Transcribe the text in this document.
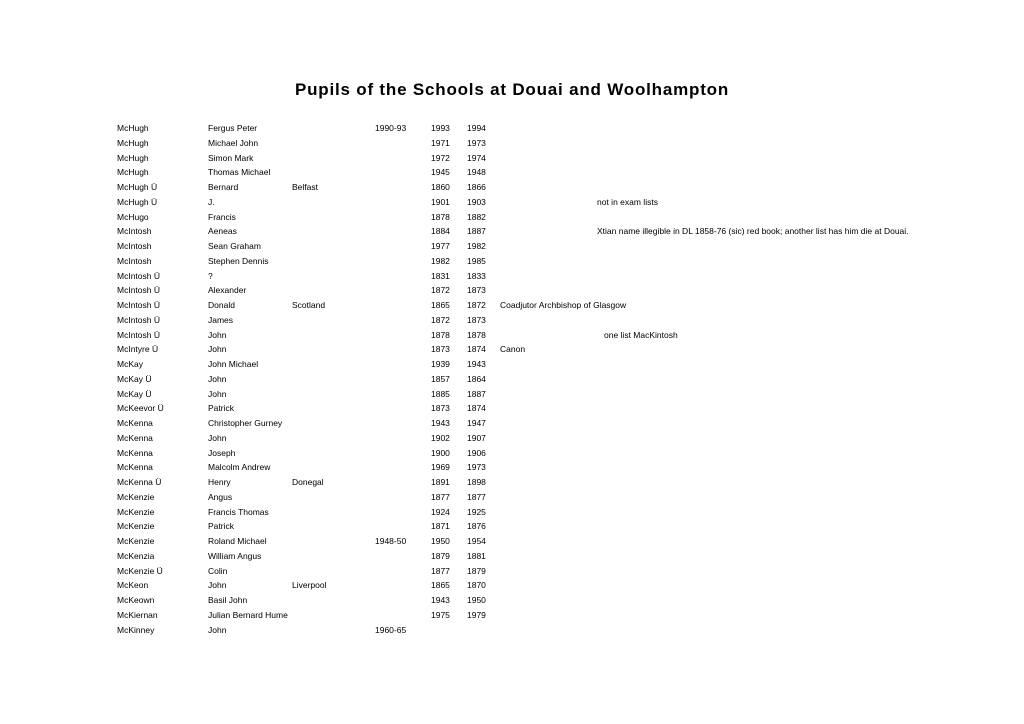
Pupils of the Schools at Douai and Woolhampton
McHugh	Fergus Peter	1990-93	1993 1994
McHugh	Michael John	1971 1973
McHugh	Simon Mark	1972 1974
McHugh	Thomas Michael	1945 1948
McHugh Ü	Bernard	Belfast	1860 1866
McHugh Ü	J.	1901 1903	not in exam lists
McHugo	Francis	1878 1882
McIntosh	Aeneas	1884 1887	Xtian name illegible in DL 1858-76 (sic) red book; another list has him die at Douai.
McIntosh	Sean Graham	1977 1982
McIntosh	Stephen Dennis	1982 1985
McIntosh Ü	?	1831 1833
McIntosh Ü	Alexander	1872 1873
McIntosh Ü	Donald	Scotland	1865 1872 Coadjutor Archbishop of Glasgow
McIntosh Ü	James	1872 1873
McIntosh Ü	John	1878 1878	one list MacKintosh
McIntyre Ü	John	1873 1874 Canon
McKay	John Michael	1939 1943
McKay Ü	John	1857 1864
McKay Ü	John	1885 1887
McKeevor Ü	Patrick	1873 1874
McKenna	Christopher Gurney	1943 1947
McKenna	John	1902 1907
McKenna	Joseph	1900 1906
McKenna	Malcolm Andrew	1969 1973
McKenna Ü	Henry	Donegal	1891 1898
McKenzie	Angus	1877 1877
McKenzie	Francis Thomas	1924 1925
McKenzie	Patrick	1871 1876
McKenzie	Roland Michael	1948-50	1950 1954
McKenzia	William Angus	1879 1881
McKenzie Ü	Colin	1877 1879
McKeon	John	Liverpool	1865 1870
McKeown	Basil John	1943 1950
McKiernan	Julian Bernard Hume	1975 1979
McKinney	John	1960-65
